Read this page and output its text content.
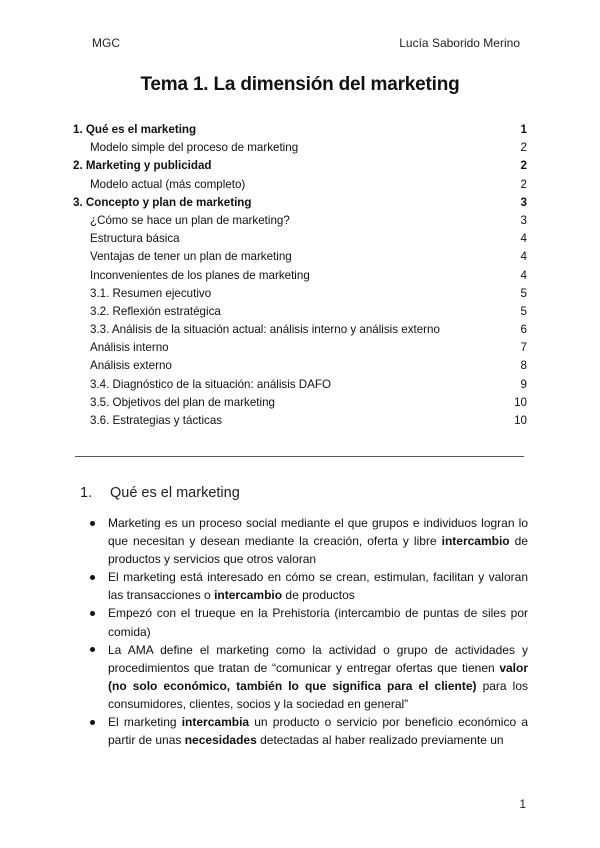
MGC	Lucía Saborido Merino
Tema 1. La dimensión del marketing
1. Qué es el marketing	1
Modelo simple del proceso de marketing	2
2. Marketing y publicidad	2
Modelo actual (más completo)	2
3. Concepto y plan de marketing	3
¿Cómo se hace un plan de marketing?	3
Estructura básica	4
Ventajas de tener un plan de marketing	4
Inconvenientes de los planes de marketing	4
3.1. Resumen ejecutivo	5
3.2. Reflexión estratégica	5
3.3. Análisis de la situación actual: análisis interno y análisis externo	6
Análisis interno	7
Análisis externo	8
3.4. Diagnóstico de la situación: análisis DAFO	9
3.5. Objetivos del plan de marketing	10
3.6. Estrategias y tácticas	10
1. Qué es el marketing
Marketing es un proceso social mediante el que grupos e individuos logran lo que necesitan y desean mediante la creación, oferta y libre intercambio de productos y servicios que otros valoran
El marketing está interesado en cómo se crean, estimulan, facilitan y valoran las transacciones o intercambio de productos
Empezó con el trueque en la Prehistoria (intercambio de puntas de siles por comida)
La AMA define el marketing como la actividad o grupo de actividades y procedimientos que tratan de “comunicar y entregar ofertas que tienen valor (no solo económico, también lo que significa para el cliente) para los consumidores, clientes, socios y la sociedad en general”
El marketing intercambia un producto o servicio por beneficio económico a partir de unas necesidades detectadas al haber realizado previamente un
1
